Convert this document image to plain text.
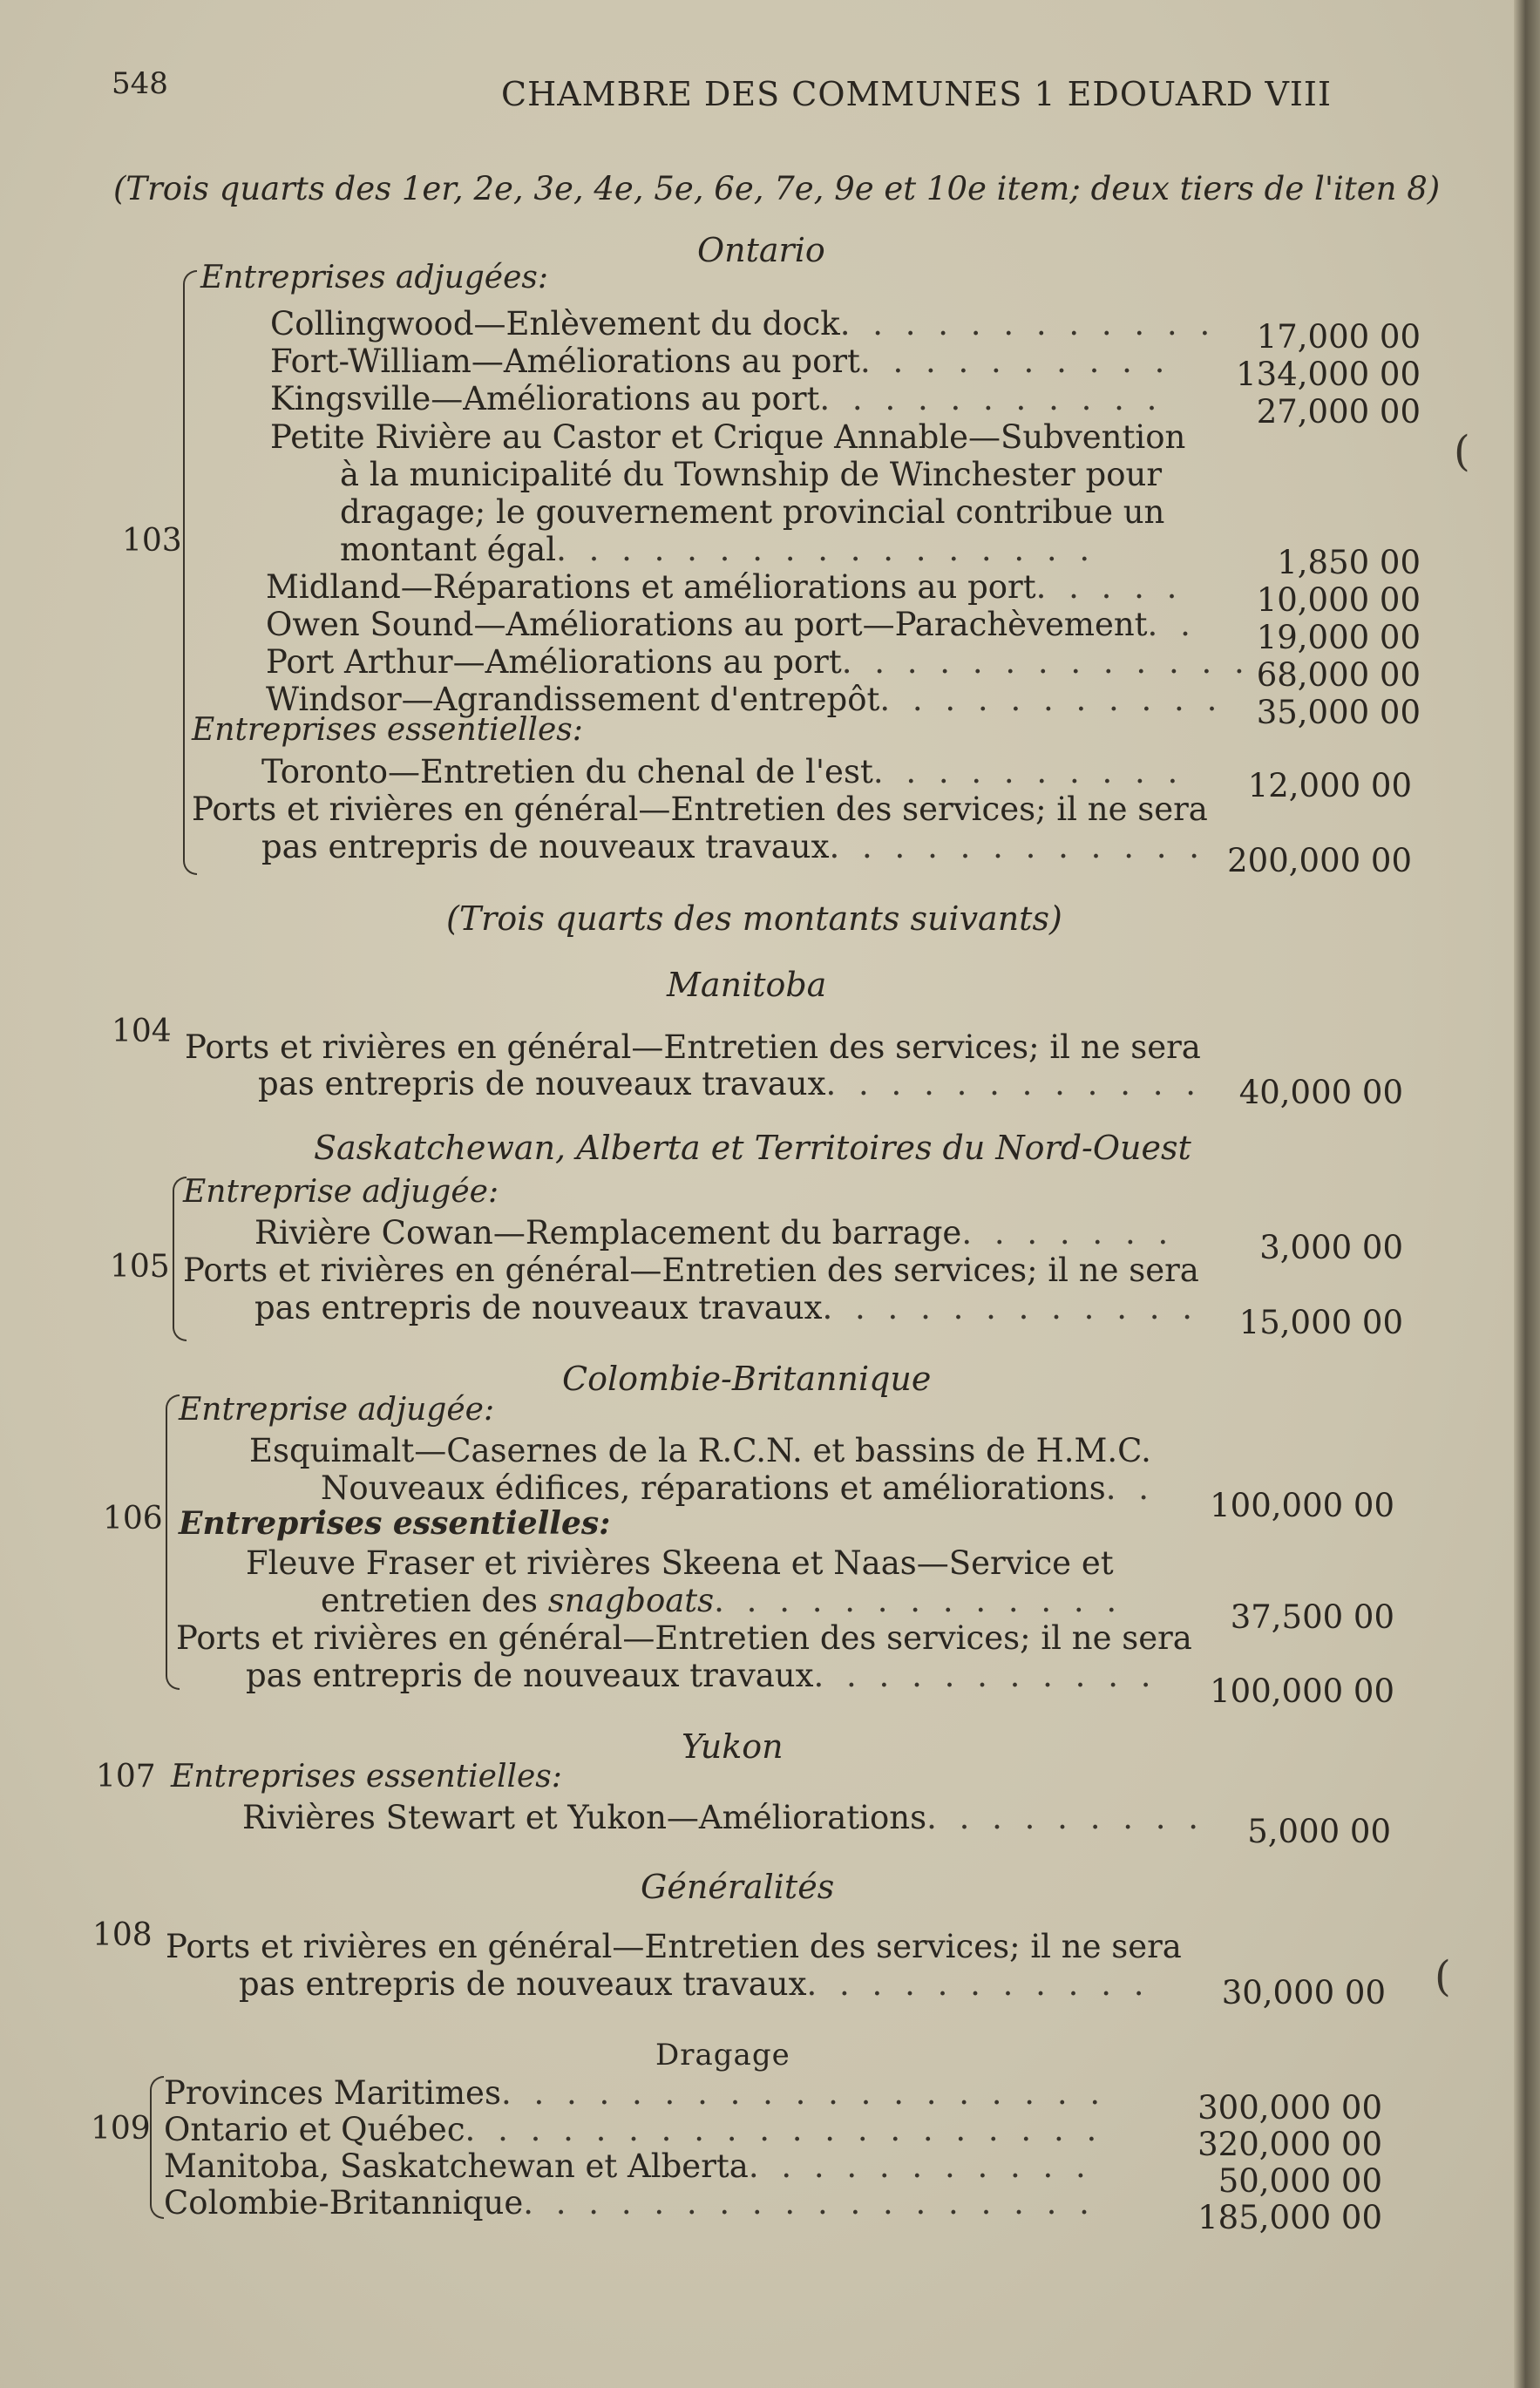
548	CHAMBRE DES COMMUNES 1 EDOUARD VIII
(Trois quarts des 1er, 2e, 3e, 4e, 5e, 6e, 7e, 9e et 10e item; deux tiers de l'iten 8)
Ontario
103
Entreprises adjugées:
Collingwood—Enlèvement du dock. . . . . . . . . . . .	17,000 00
Fort-William—Améliorations au port. . . . . . . . . .	134,000 00
Kingsville—Améliorations au port. . . . . . . . . . .	27,000 00
Petite Rivière au Castor et Crique Annable—Subvention
à la municipalité du Township de Winchester pour
dragage; le gouvernement provincial contribue un
montant égal. . . . . . . . . . . . . . . . .	1,850 00
Midland—Réparations et améliorations au port. . . . .	10,000 00
Owen Sound—Améliorations au port—Parachèvement. .	19,000 00
Port Arthur—Améliorations au port. . . . . . . . . . . . . 68,000 00
Windsor—Agrandissement d'entrepôt. . . . . . . . . . .	35,000 00
Entreprises essentielles:
Toronto—Entretien du chenal de l'est. . . . . . . . . .	12,000 00
Ports et rivières en général—Entretien des services; il ne sera
pas entrepris de nouveaux travaux. . . . . . . . . . . . 200,000 00
(Trois quarts des montants suivants)
Manitoba
104 Ports et rivières en général—Entretien des services; il ne sera
pas entrepris de nouveaux travaux. . . . . . . . . . . .	40,000 00
Saskatchewan, Alberta et Territoires du Nord-Ouest
105
Entreprise adjugée:
Rivière Cowan—Remplacement du barrage. . . . . . .	3,000 00
Ports et rivières en général—Entretien des services; il ne sera
pas entrepris de nouveaux travaux. . . . . . . . . . . .	15,000 00
Colombie-Britannique
106
Entreprise adjugée:
Esquimalt—Casernes de la R.C.N. et bassins de H.M.C.
Nouveaux édifices, réparations et améliorations. .	100,000 00
Entreprises essentielles:
Fleuve Fraser et rivières Skeena et Naas—Service et
entretien des snagboats. . . . . . . . . . . . .	37,500 00
Ports et rivières en général—Entretien des services; il ne sera
pas entrepris de nouveaux travaux. . . . . . . . . . .	100,000 00
Yukon
107 Entreprises essentielles:
Rivières Stewart et Yukon—Améliorations. . . . . . . . .	5,000 00
Généralités
108 Ports et rivières en général—Entretien des services; il ne sera
pas entrepris de nouveaux travaux. . . . . . . . . . .	30,000 00
Dragage
109
Provinces Maritimes. . . . . . . . . . . . . . . . . . .	300,000 00
Ontario et Québec. . . . . . . . . . . . . . . . . . . .	320,000 00
Manitoba, Saskatchewan et Alberta. . . . . . . . . . .	50,000 00
Colombie-Britannique. . . . . . . . . . . . . . . . . .	185,000 00
(
(
